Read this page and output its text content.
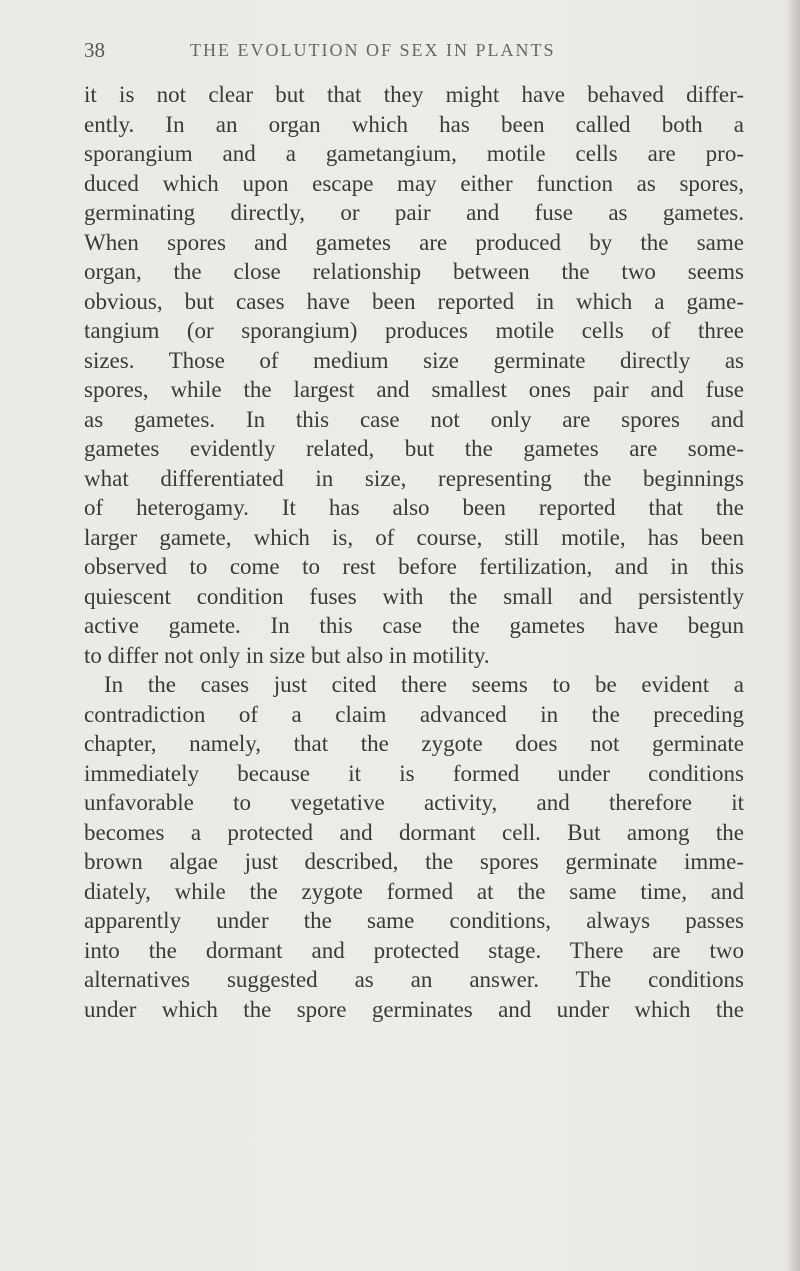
38	THE EVOLUTION OF SEX IN PLANTS
it is not clear but that they might have behaved differ-
ently. In an organ which has been called both a
sporangium and a gametangium, motile cells are pro-
duced which upon escape may either function as spores,
germinating directly, or pair and fuse as gametes.
When spores and gametes are produced by the same
organ, the close relationship between the two seems
obvious, but cases have been reported in which a game-
tangium (or sporangium) produces motile cells of three
sizes. Those of medium size germinate directly as
spores, while the largest and smallest ones pair and fuse
as gametes. In this case not only are spores and
gametes evidently related, but the gametes are some-
what differentiated in size, representing the beginnings
of heterogamy. It has also been reported that the
larger gamete, which is, of course, still motile, has been
observed to come to rest before fertilization, and in this
quiescent condition fuses with the small and persistently
active gamete. In this case the gametes have begun
to differ not only in size but also in motility.
In the cases just cited there seems to be evident a
contradiction of a claim advanced in the preceding
chapter, namely, that the zygote does not germinate
immediately because it is formed under conditions
unfavorable to vegetative activity, and therefore it
becomes a protected and dormant cell. But among the
brown algae just described, the spores germinate imme-
diately, while the zygote formed at the same time, and
apparently under the same conditions, always passes
into the dormant and protected stage. There are two
alternatives suggested as an answer. The conditions
under which the spore germinates and under which the
